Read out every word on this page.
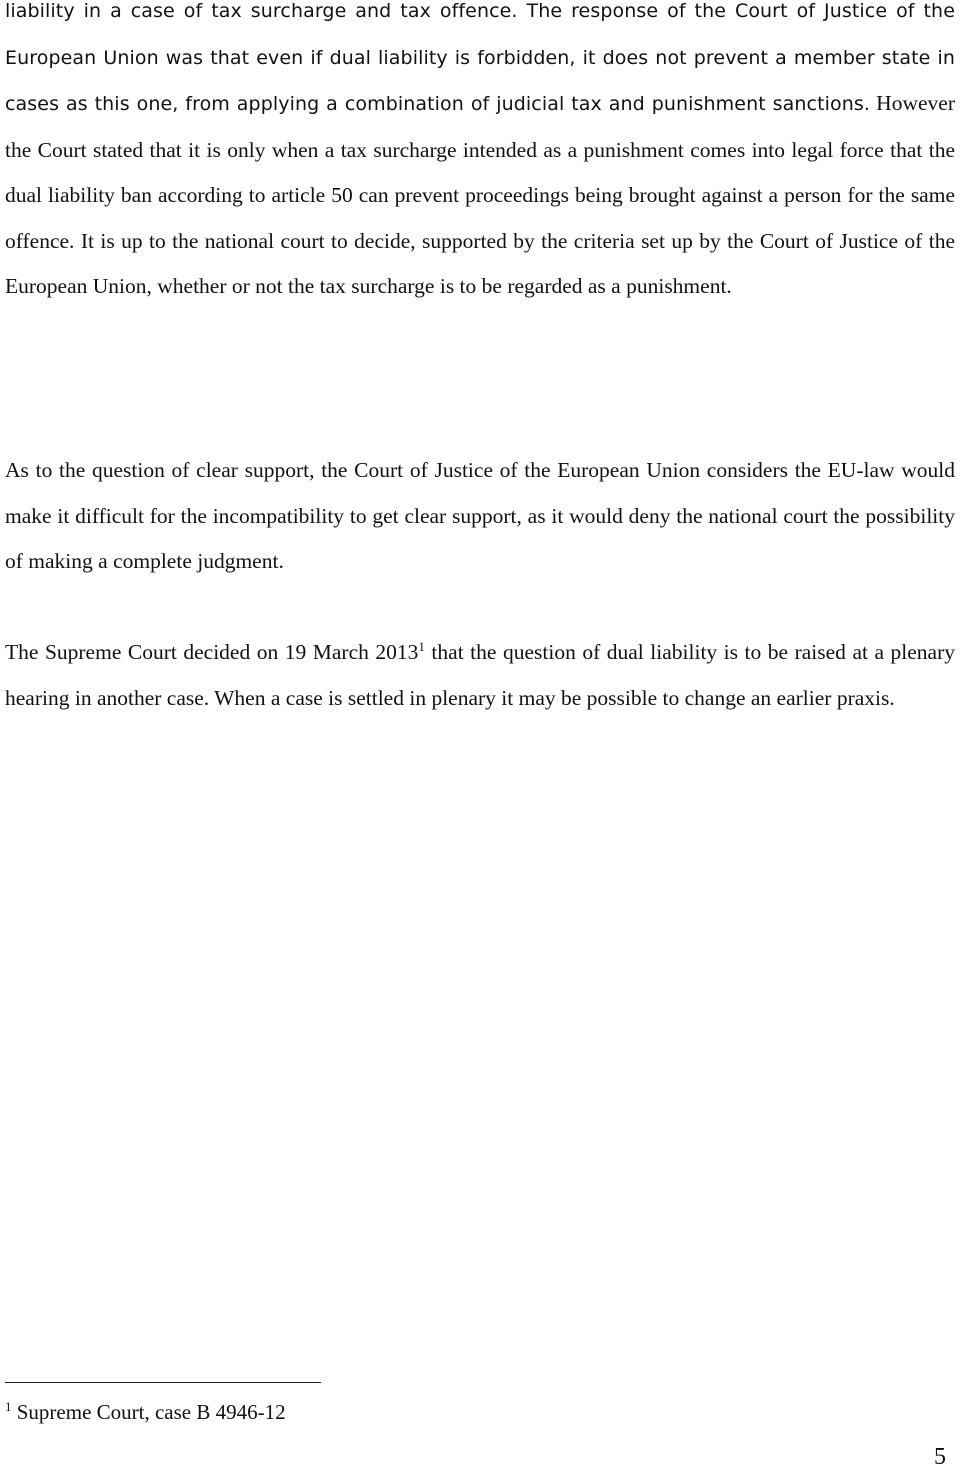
liability in a case of tax surcharge and tax offence. The response of the Court of Justice of the European Union was that even if dual liability is forbidden, it does not prevent a member state in cases as this one, from applying a combination of judicial tax and punishment sanctions. However the Court stated that it is only when a tax surcharge intended as a punishment comes into legal force that the dual liability ban according to article 50 can prevent proceedings being brought against a person for the same offence. It is up to the national court to decide, supported by the criteria set up by the Court of Justice of the European Union, whether or not the tax surcharge is to be regarded as a punishment.

As to the question of clear support, the Court of Justice of the European Union considers the EU-law would make it difficult for the incompatibility to get clear support, as it would deny the national court the possibility of making a complete judgment.

The Supreme Court decided on 19 March 2013$^1$ that the question of dual liability is to be raised at a plenary hearing in another case. When a case is settled in plenary it may be possible to change an earlier praxis.

$^1$ Supreme Court, case B 4946-12
5
